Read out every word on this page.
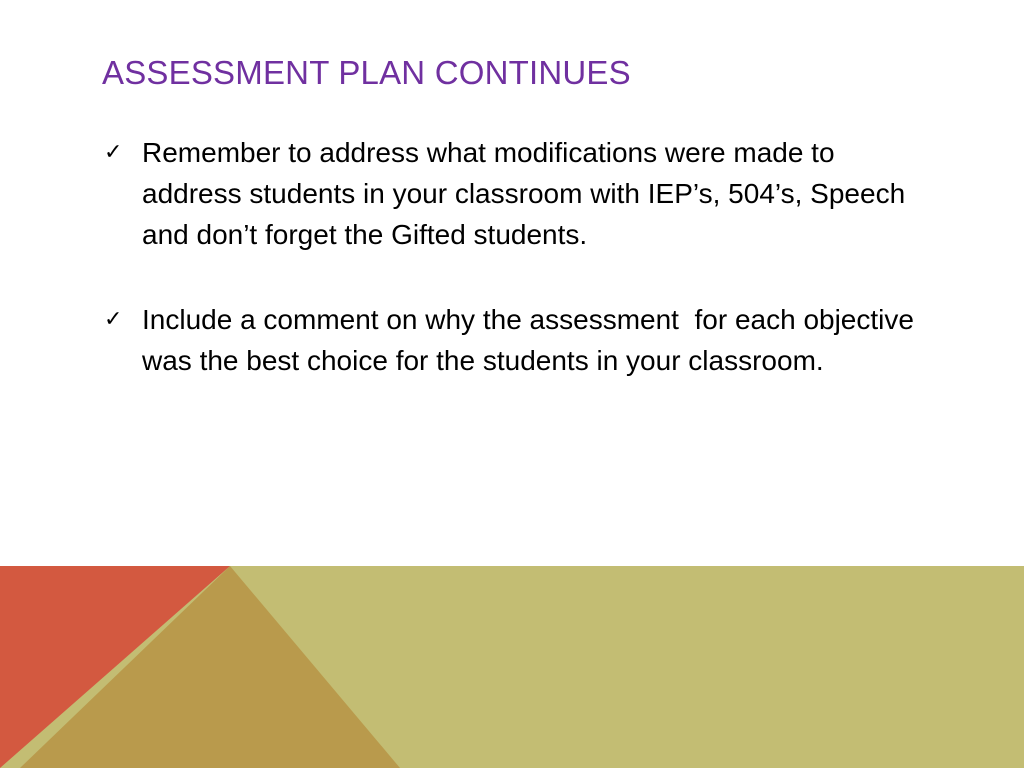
ASSESSMENT PLAN CONTINUES
✓ Remember to address what modifications were made to address students in your classroom with IEP’s, 504’s, Speech and don’t forget the Gifted students.
✓ Include a comment on why the assessment  for each objective was the best choice for the students in your classroom.
